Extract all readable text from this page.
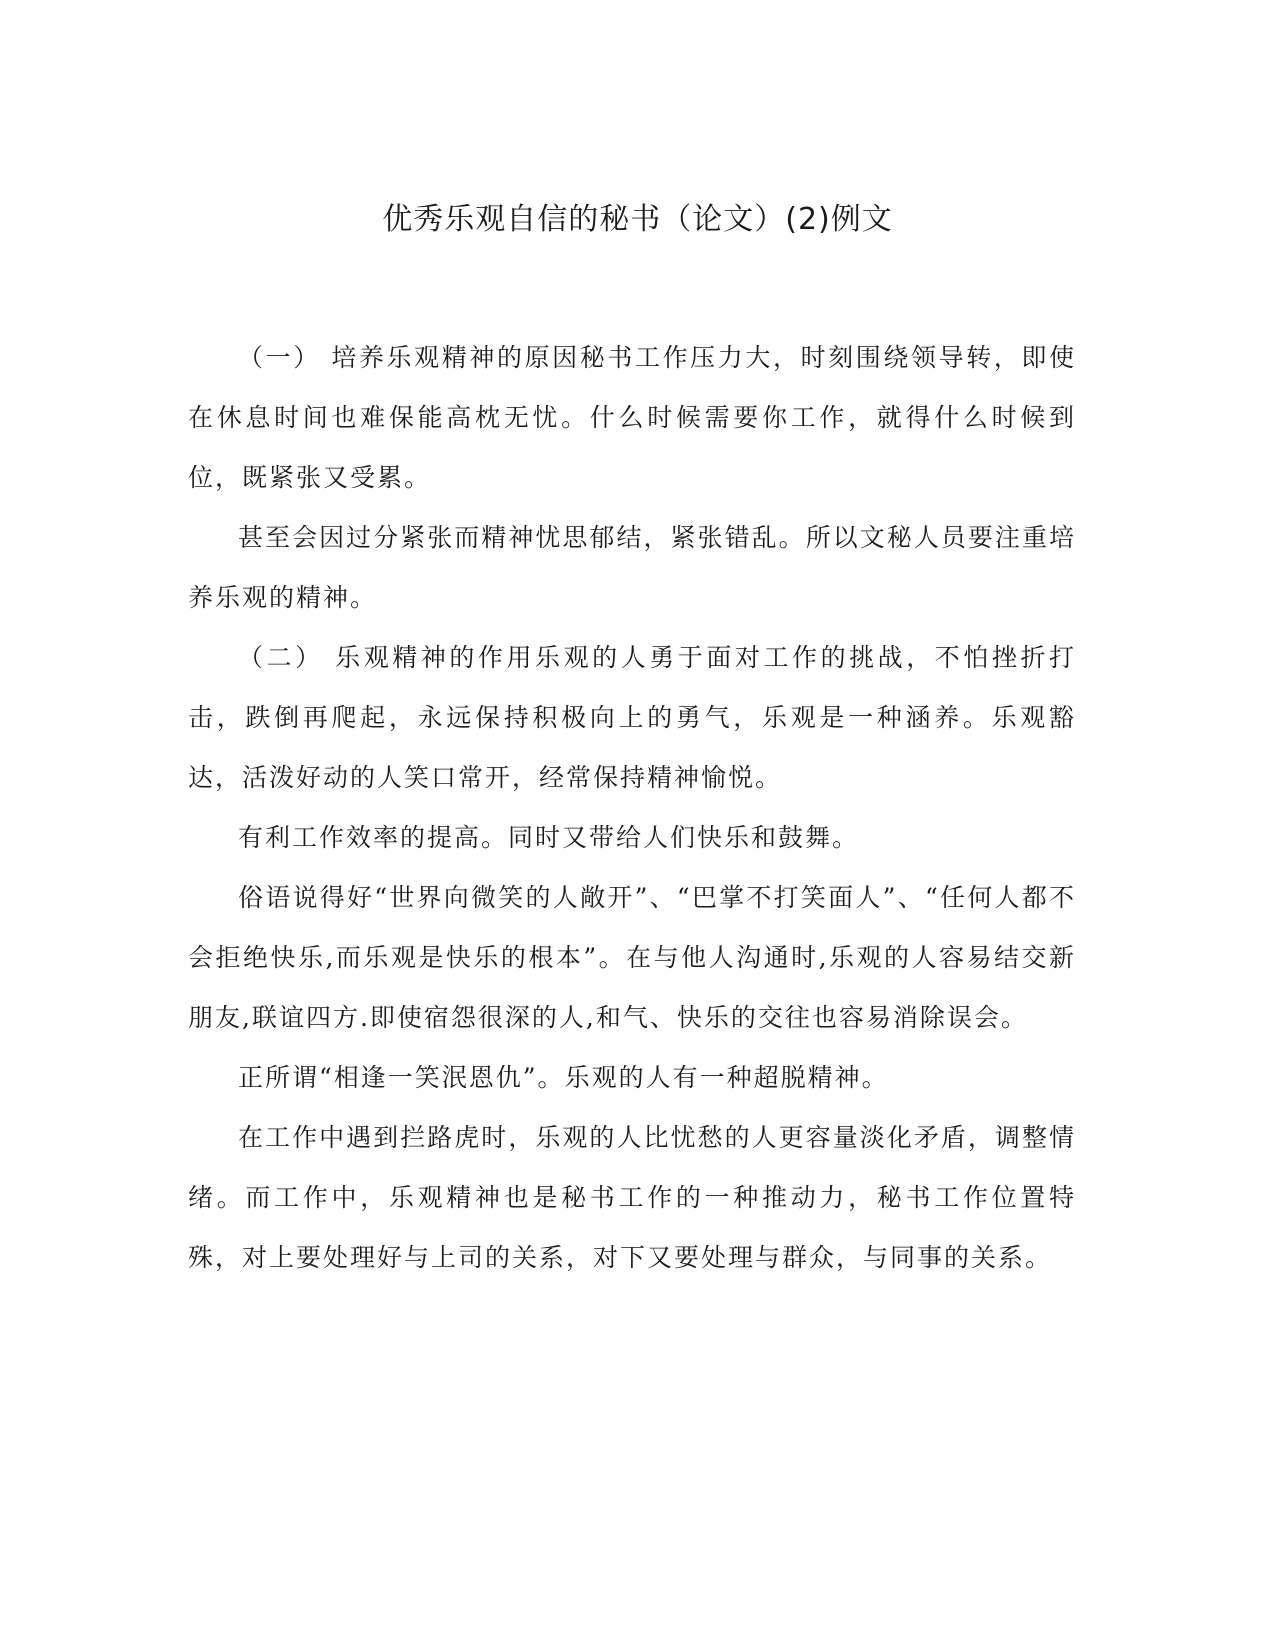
优秀乐观自信的秘书（论文）(2)例文

（一） 培养乐观精神的原因秘书工作压力大，时刻围绕领导转，即使在休息时间也难保能高枕无忧。什么时候需要你工作，就得什么时候到位，既紧张又受累。

甚至会因过分紧张而精神忧思郁结，紧张错乱。所以文秘人员要注重培养乐观的精神。

（二） 乐观精神的作用乐观的人勇于面对工作的挑战，不怕挫折打击，跌倒再爬起，永远保持积极向上的勇气，乐观是一种涵养。乐观豁达，活泼好动的人笑口常开，经常保持精神愉悦。

有利工作效率的提高。同时又带给人们快乐和鼓舞。

俗语说得好“世界向微笑的人敞开”、“巴掌不打笑面人”、“任何人都不会拒绝快乐,而乐观是快乐的根本”。在与他人沟通时,乐观的人容易结交新朋友,联谊四方.即使宿怨很深的人,和气、快乐的交往也容易消除误会。

正所谓“相逢一笑泯恩仇”。乐观的人有一种超脱精神。

在工作中遇到拦路虎时，乐观的人比忧愁的人更容量淡化矛盾，调整情绪。而工作中，乐观精神也是秘书工作的一种推动力，秘书工作位置特殊，对上要处理好与上司的关系，对下又要处理与群众，与同事的关系。
